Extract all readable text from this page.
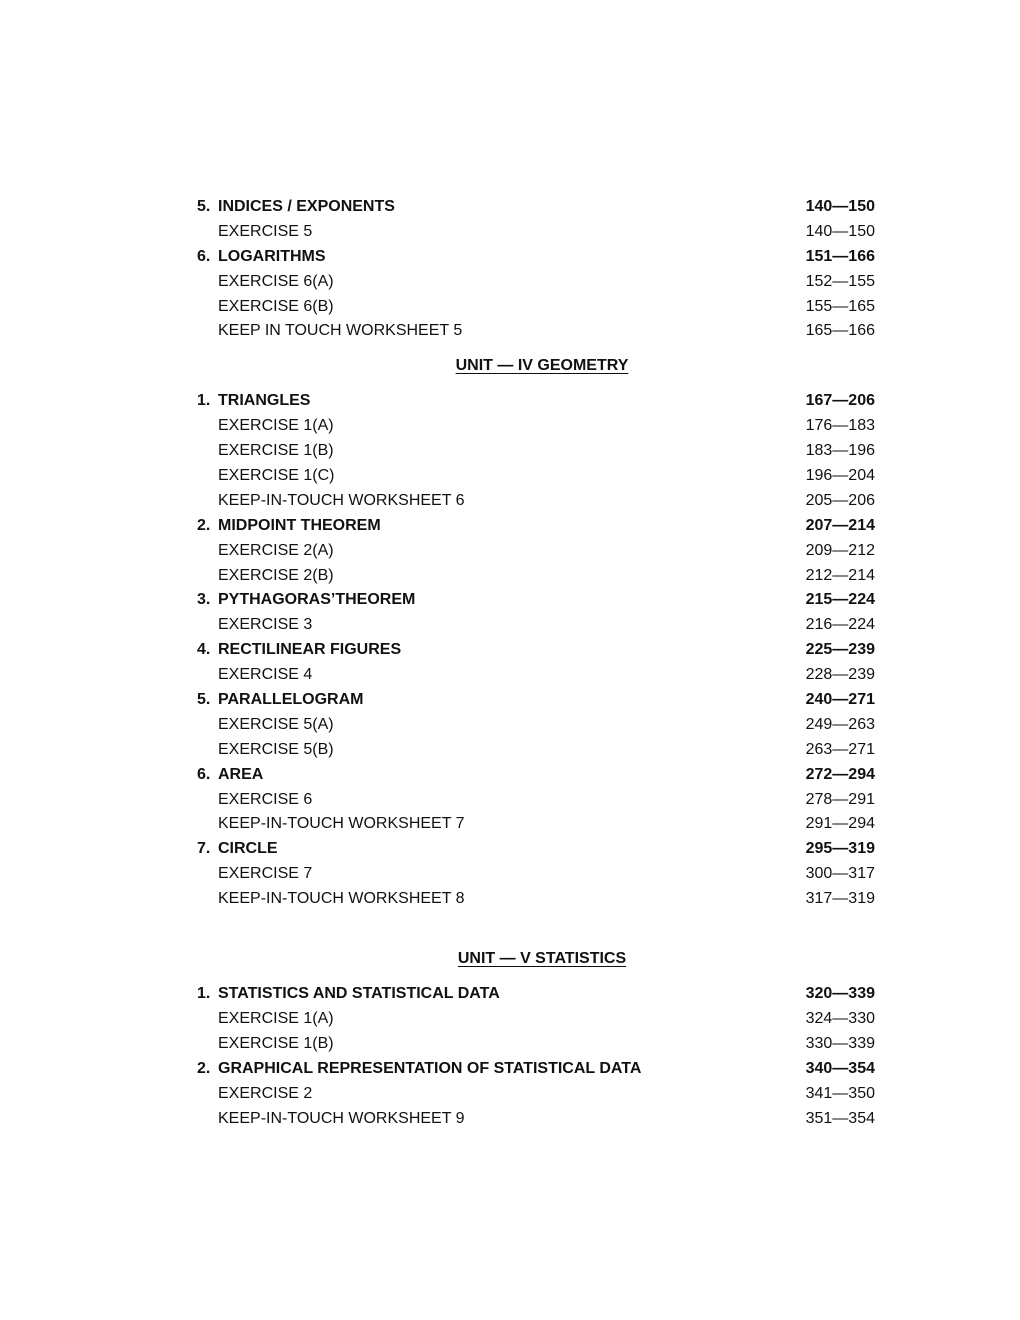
5. INDICES / EXPONENTS	140—150
EXERCISE 5	140—150
6. LOGARITHMS	151—166
EXERCISE 6(A)	152—155
EXERCISE 6(B)	155—165
KEEP IN TOUCH WORKSHEET 5	165—166
UNIT — IV GEOMETRY
1. TRIANGLES	167—206
EXERCISE 1(A)	176—183
EXERCISE 1(B)	183—196
EXERCISE 1(C)	196—204
KEEP-IN-TOUCH WORKSHEET 6	205—206
2. MIDPOINT THEOREM	207—214
EXERCISE 2(A)	209—212
EXERCISE 2(B)	212—214
3. PYTHAGORAS’THEOREM	215—224
EXERCISE 3	216—224
4. RECTILINEAR FIGURES	225—239
EXERCISE 4	228—239
5. PARALLELOGRAM	240—271
EXERCISE 5(A)	249—263
EXERCISE 5(B)	263—271
6. AREA	272—294
EXERCISE 6	278—291
KEEP-IN-TOUCH WORKSHEET 7	291—294
7. CIRCLE	295—319
EXERCISE 7	300—317
KEEP-IN-TOUCH WORKSHEET 8	317—319
UNIT — V STATISTICS
1. STATISTICS AND STATISTICAL DATA	320—339
EXERCISE 1(A)	324—330
EXERCISE 1(B)	330—339
2. GRAPHICAL REPRESENTATION OF STATISTICAL DATA	340—354
EXERCISE 2	341—350
KEEP-IN-TOUCH WORKSHEET 9	351—354
